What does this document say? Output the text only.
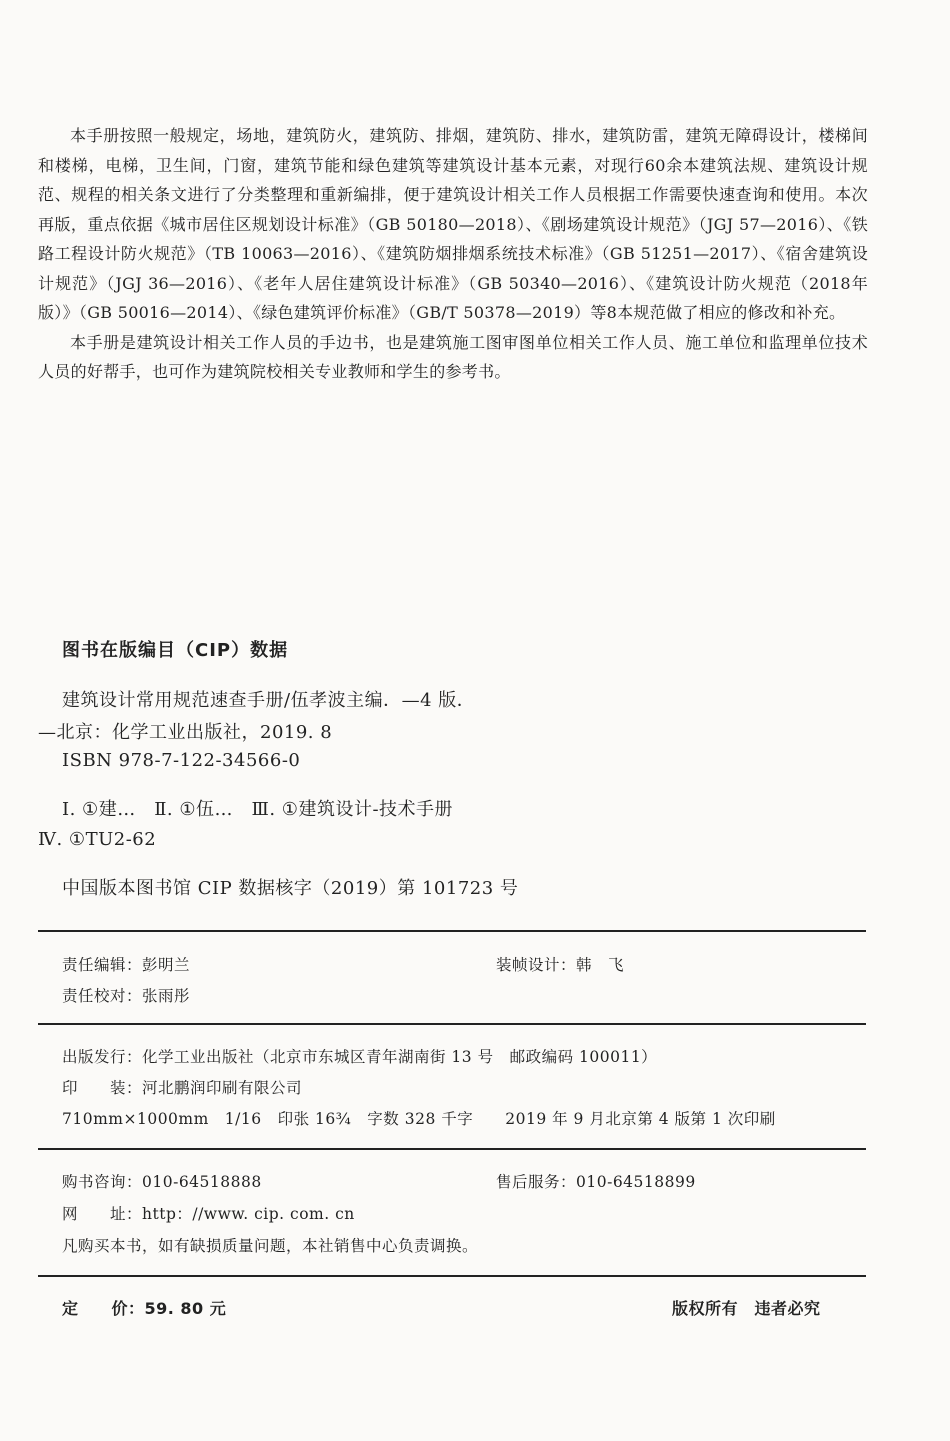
本手册按照一般规定，场地，建筑防火，建筑防、排烟，建筑防、排水，建筑防雷，建筑无障碍设计，楼梯间和楼梯，电梯，卫生间，门窗，建筑节能和绿色建筑等建筑设计基本元素，对现行60余本建筑法规、建筑设计规范、规程的相关条文进行了分类整理和重新编排，便于建筑设计相关工作人员根据工作需要快速查询和使用。本次再版，重点依据《城市居住区规划设计标准》（GB 50180—2018）、《剧场建筑设计规范》（JGJ 57—2016）、《铁路工程设计防火规范》（TB 10063—2016）、《建筑防烟排烟系统技术标准》（GB 51251—2017）、《宿舍建筑设计规范》（JGJ 36—2016）、《老年人居住建筑设计标准》（GB 50340—2016）、《建筑设计防火规范（2018年版）》（GB 50016—2014）、《绿色建筑评价标准》（GB/T 50378—2019）等8本规范做了相应的修改和补充。

本手册是建筑设计相关工作人员的手边书，也是建筑施工图审图单位相关工作人员、施工单位和监理单位技术人员的好帮手，也可作为建筑院校相关专业教师和学生的参考书。

图书在版编目（CIP）数据
建筑设计常用规范速查手册/伍孝波主编．—4 版．
—北京：化学工业出版社，2019. 8
ISBN 978-7-122-34566-0
Ⅰ. ①建…　Ⅱ. ①伍…　Ⅲ. ①建筑设计-技术手册
Ⅳ. ①TU2-62
中国版本图书馆 CIP 数据核字（2019）第 101723 号
责任编辑：彭明兰	装帧设计：韩　飞
责任校对：张雨彤
出版发行：化学工业出版社（北京市东城区青年湖南街 13 号　邮政编码 100011）
印　　装：河北鹏润印刷有限公司
710mm×1000mm　1/16　印张 16¾　字数 328 千字　　2019 年 9 月北京第 4 版第 1 次印刷
购书咨询：010-64518888	售后服务：010-64518899
网　　址：http：//www. cip. com. cn
凡购买本书，如有缺损质量问题，本社销售中心负责调换。
定　　价：59. 80 元	版权所有　违者必究
